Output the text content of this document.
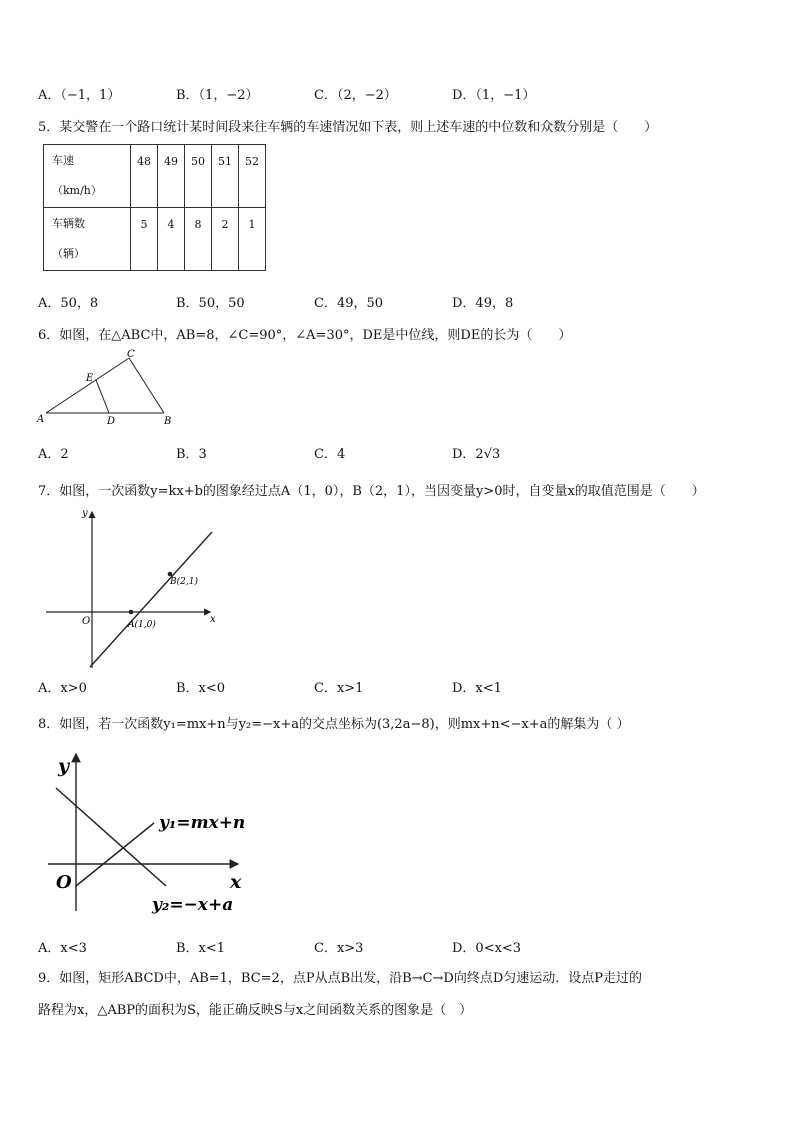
A．（−1，1）	B．（1，−2）	C．（2，−2）	D．（1，−1）
5．某交警在一个路口统计某时间段来往车辆的车速情况如下表，则上述车速的中位数和众数分别是（　　）
车速
（km/h）	48	49	50	51	52

车辆数
（辆）	5	4	8	2	1
A．50，8	B．50，50	C．49，50	D．49，8
6．如图，在△ABC中，AB=8，∠C=90°，∠A=30°，DE是中位线，则DE的长为（　　）
A	B
C
D
E
A．2	B．3	C．4	D．2√3
7．如图，一次函数y=kx+b的图象经过点A（1，0），B（2，1），当因变量y>0时，自变量x的取值范围是（　　）
y
x
O	A(1,0)
B(2,1)
A．x>0	B．x<0	C．x>1	D．x<1
8．如图，若一次函数y₁=mx+n与y₂=−x+a的交点坐标为(3,2a−8)，则mx+n<−x+a的解集为（ ）
y
x
O
y₁=mx+n
y₂=−x+a
A．x<3	B．x<1	C．x>3	D．0<x<3
9．如图，矩形ABCD中，AB=1，BC=2，点P从点B出发，沿B→C→D向终点D匀速运动．设点P走过的
路程为x，△ABP的面积为S，能正确反映S与x之间函数关系的图象是（　）
